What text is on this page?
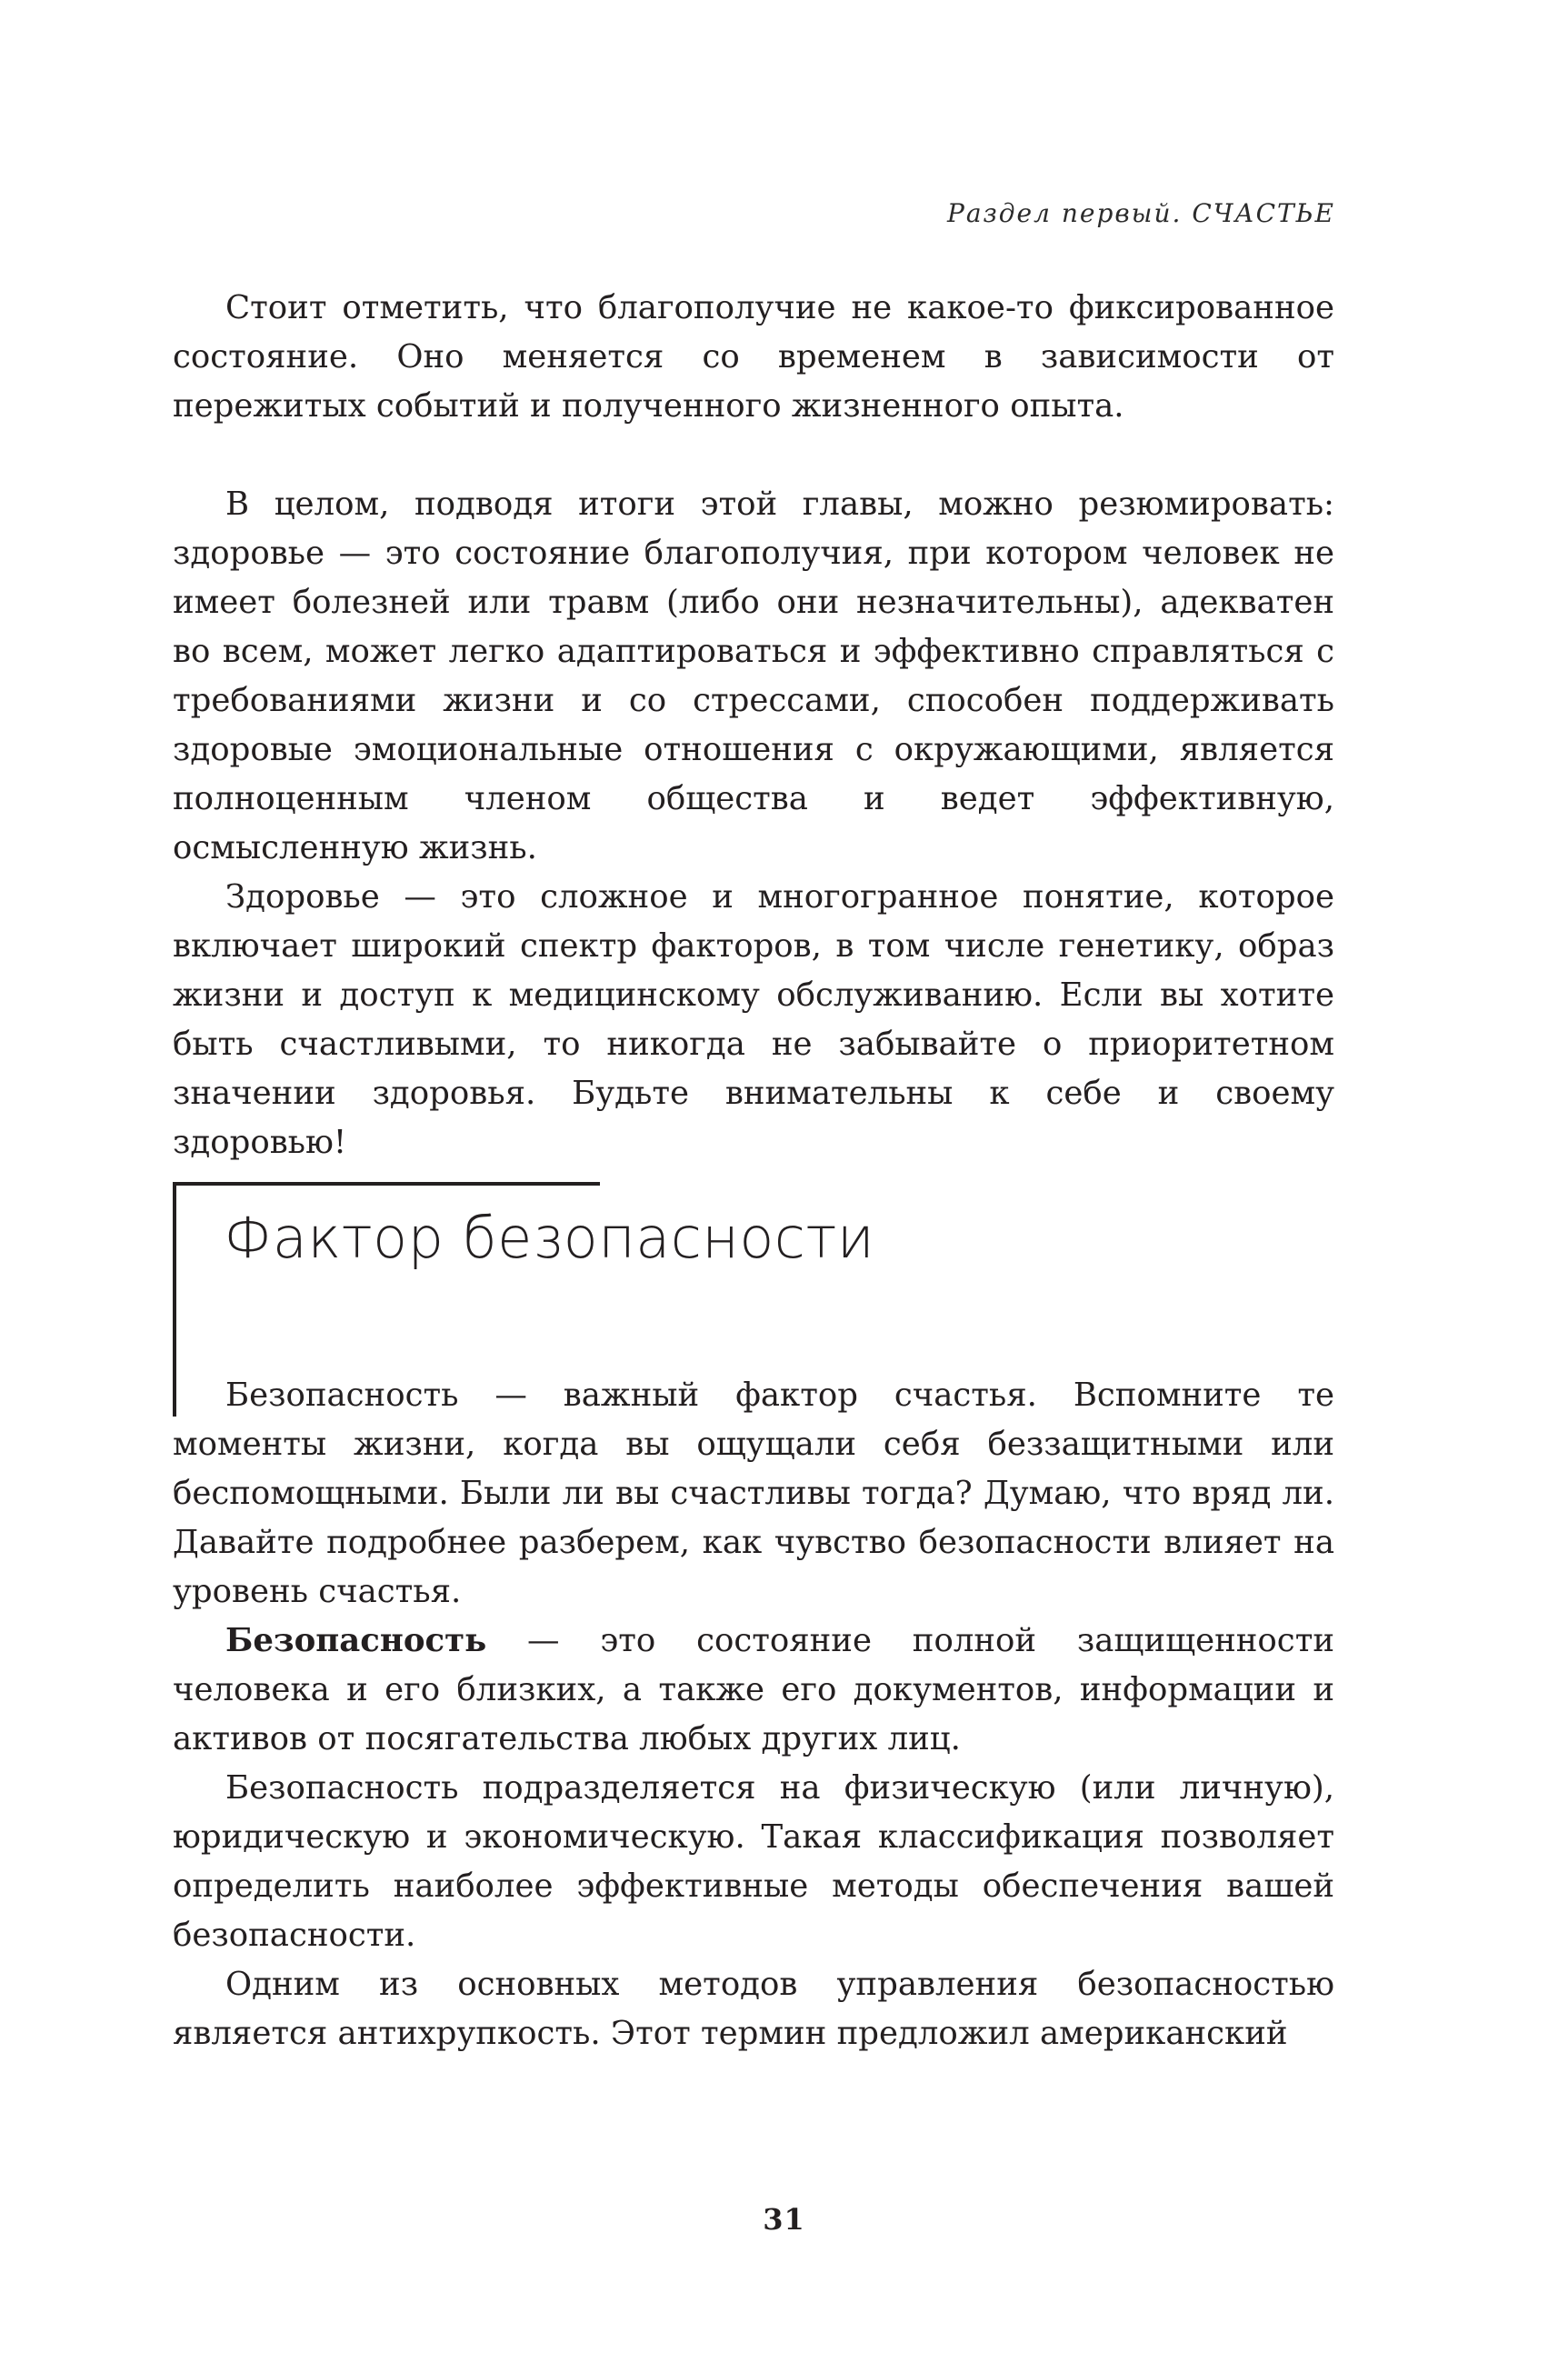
Раздел первый. СЧАСТЬЕ

Стоит отметить, что благополучие не какое-то фиксированное состояние. Оно меняется со временем в зависимости от пережитых событий и полученного жизненного опыта.

В целом, подводя итоги этой главы, можно резюмировать: здоровье — это состояние благополучия, при котором человек не имеет болезней или травм (либо они незначительны), адекватен во всем, может легко адаптироваться и эффективно справляться с требованиями жизни и со стрессами, способен поддерживать здоровые эмоциональные отношения с окружающими, является полноценным членом общества и ведет эффективную, осмысленную жизнь.

Здоровье — это сложное и многогранное понятие, которое включает широкий спектр факторов, в том числе генетику, образ жизни и доступ к медицинскому обслуживанию. Если вы хотите быть счастливыми, то никогда не забывайте о приоритетном значении здоровья. Будьте внимательны к себе и своему здоровью!

Фактор безопасности

Безопасность — важный фактор счастья. Вспомните те моменты жизни, когда вы ощущали себя беззащитными или беспомощными. Были ли вы счастливы тогда? Думаю, что вряд ли. Давайте подробнее разберем, как чувство безопасности влияет на уровень счастья.

Безопасность — это состояние полной защищенности человека и его близких, а также его документов, информации и активов от посягательства любых других лиц.

Безопасность подразделяется на физическую (или личную), юридическую и экономическую. Такая классификация позволяет определить наиболее эффективные методы обеспечения вашей безопасности.

Одним из основных методов управления безопасностью является антихрупкость. Этот термин предложил американский

31
